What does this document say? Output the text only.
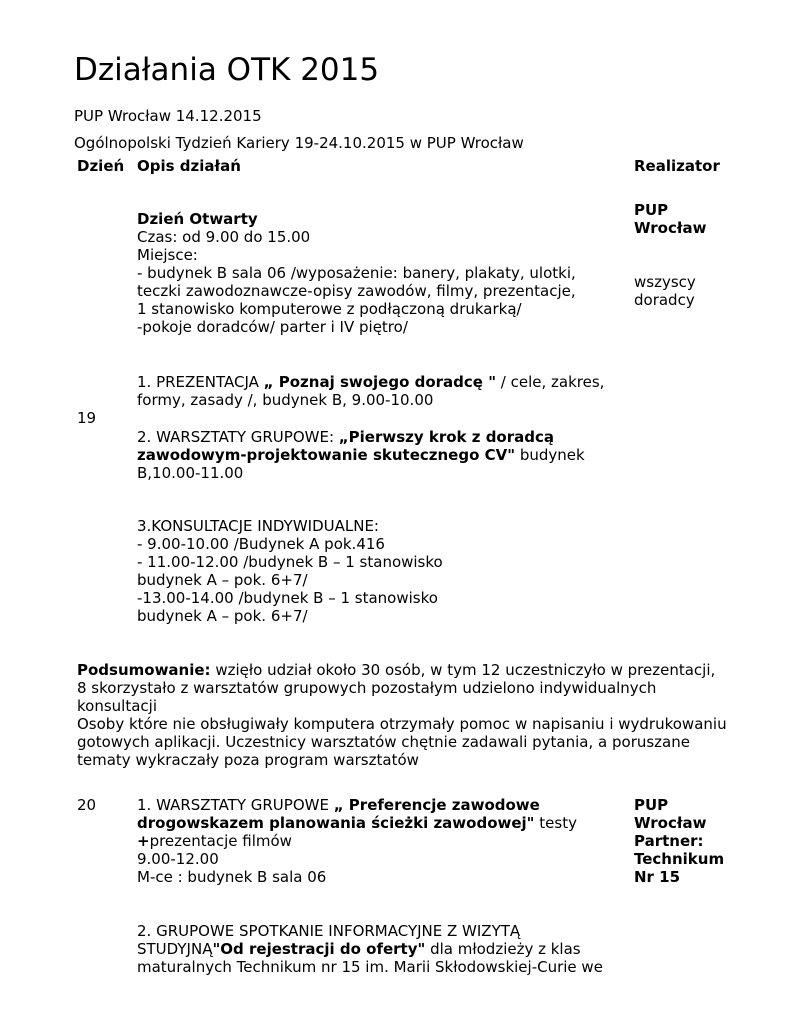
Działania OTK 2015
PUP Wrocław 14.12.2015
Ogólnopolski Tydzień Kariery 19-24.10.2015 w PUP Wrocław
Dzień Opis działań	Realizator
19
Dzień Otwarty
Czas: od 9.00 do 15.00
Miejsce:
- budynek B sala 06 /wyposażenie: banery, plakaty, ulotki,
teczki zawodoznawcze-opisy zawodów, filmy, prezentacje,
1 stanowisko komputerowe z podłączoną drukarką/
-pokoje doradców/ parter i IV piętro/
PUP
Wrocław
wszyscy
doradcy
1. PREZENTACJA „ Poznaj swojego doradcę " / cele, zakres,
formy, zasady /, budynek B, 9.00-10.00
2. WARSZTATY GRUPOWE: „Pierwszy krok z doradcą
zawodowym-projektowanie skutecznego CV" budynek
B,10.00-11.00
3.KONSULTACJE INDYWIDUALNE:
- 9.00-10.00 /Budynek A pok.416
- 11.00-12.00 /budynek B – 1 stanowisko
budynek A – pok. 6+7/
-13.00-14.00 /budynek B – 1 stanowisko
budynek A – pok. 6+7/
Podsumowanie: wzięło udział około 30 osób, w tym 12 uczestniczyło w prezentacji,
8 skorzystało z warsztatów grupowych pozostałym udzielono indywidualnych
konsultacji
Osoby które nie obsługiwały komputera otrzymały pomoc w napisaniu i wydrukowaniu
gotowych aplikacji. Uczestnicy warsztatów chętnie zadawali pytania, a poruszane
tematy wykraczały poza program warsztatów
20	1. WARSZTATY GRUPOWE „ Preferencje zawodowe
drogowskazem planowania ścieżki zawodowej" testy
+prezentacje filmów
9.00-12.00
M-ce : budynek B sala 06
PUP
Wrocław
Partner:
Technikum
Nr 15
2. GRUPOWE SPOTKANIE INFORMACYJNE Z WIZYTĄ
STUDYJNĄ"Od rejestracji do oferty" dla młodzieży z klas
maturalnych Technikum nr 15 im. Marii Skłodowskiej-Curie we
